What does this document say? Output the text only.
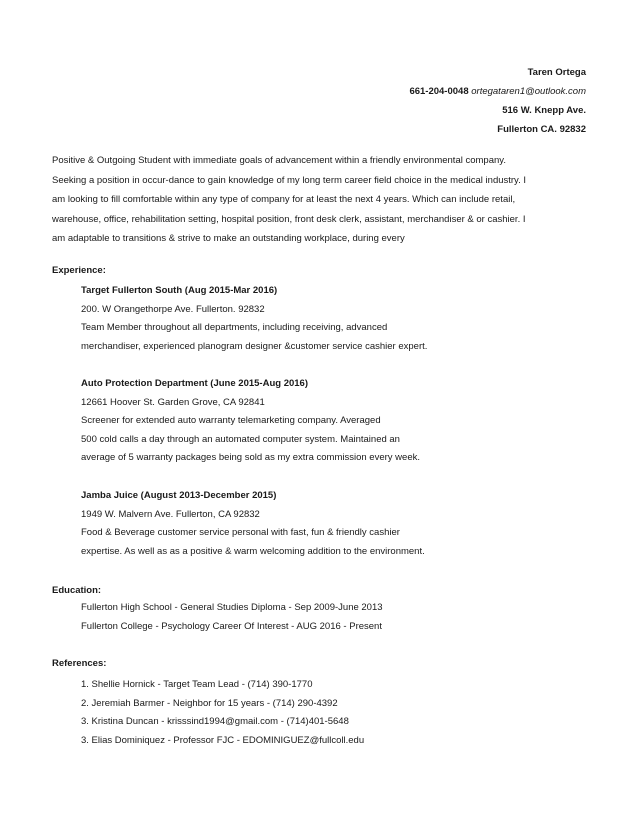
Taren Ortega
661-204-0048 ortegataren1@outlook.com
516 W. Knepp Ave.
Fullerton CA. 92832

Positive & Outgoing Student with immediate goals of advancement within a friendly environmental company.

Seeking a position in occur-dance to gain knowledge of my long term career field choice in the medical industry. I

am looking to fill comfortable within any type of company for at least the next 4 years. Which can include retail,

warehouse, office, rehabilitation setting, hospital position, front desk clerk, assistant, merchandiser & or cashier. I

am adaptable to transitions & strive to make an outstanding workplace, during every

Experience:

Target Fullerton South (Aug 2015-Mar 2016)

200. W Orangethorpe Ave. Fullerton. 92832

Team Member throughout all departments, including receiving, advanced

merchandiser, experienced planogram designer &customer service cashier expert.

Auto Protection Department (June 2015-Aug 2016)

12661 Hoover St. Garden Grove, CA 92841

Screener for extended auto warranty telemarketing company. Averaged

500 cold calls a day through an automated computer system. Maintained an

average of 5 warranty packages being sold as my extra commission every week.

Jamba Juice (August 2013-December 2015)

1949 W. Malvern Ave. Fullerton, CA 92832

Food & Beverage customer service personal with fast, fun & friendly cashier

expertise. As well as as a positive & warm welcoming addition to the environment.

Education:

Fullerton High School - General Studies Diploma - Sep 2009-June 2013

Fullerton College - Psychology Career Of Interest - AUG 2016 - Present

References:

1. Shellie Hornick - Target Team Lead - (714) 390-1770

2. Jeremiah Barmer - Neighbor for 15 years - (714) 290-4392

3. Kristina Duncan - krisssind1994@gmail.com - (714)401-5648

3. Elias Dominiquez - Professor FJC - EDOMINIGUEZ@fullcoll.edu
